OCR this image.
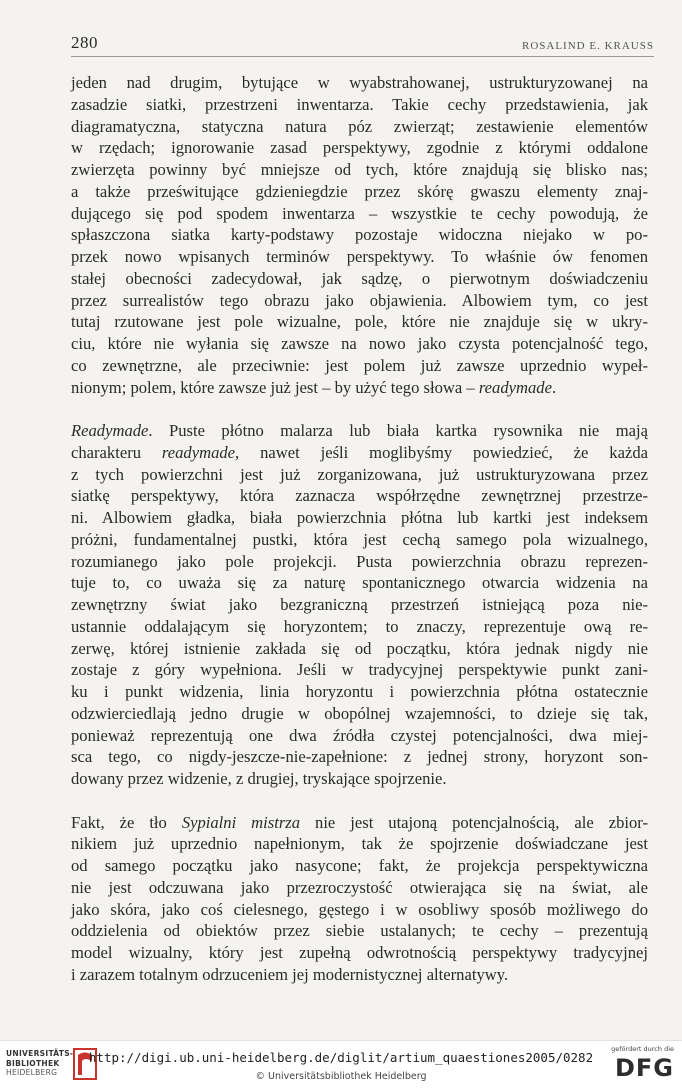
280	ROSALIND E. KRAUSS
jeden nad drugim, bytujące w wyabstrahowanej, ustrukturyzowanej na
zasadzie siatki, przestrzeni inwentarza. Takie cechy przedstawienia, jak
diagramatyczna, statyczna natura póz zwierząt; zestawienie elementów
w rzędach; ignorowanie zasad perspektywy, zgodnie z którymi oddalone
zwierzęta powinny być mniejsze od tych, które znajdują się blisko nas;
a także prześwitujące gdzieniegdzie przez skórę gwaszu elementy znaj-
dującego się pod spodem inwentarza – wszystkie te cechy powodują, że
spłaszczona siatka karty-podstawy pozostaje widoczna niejako w po-
przek nowo wpisanych terminów perspektywy. To właśnie ów fenomen
stałej obecności zadecydował, jak sądzę, o pierwotnym doświadczeniu
przez surrealistów tego obrazu jako objawienia. Albowiem tym, co jest
tutaj rzutowane jest pole wizualne, pole, które nie znajduje się w ukry-
ciu, które nie wyłania się zawsze na nowo jako czysta potencjalność tego,
co zewnętrzne, ale przeciwnie: jest polem już zawsze uprzednio wypeł-
nionym; polem, które zawsze już jest – by użyć tego słowa – readymade.
Readymade. Puste płótno malarza lub biała kartka rysownika nie mają
charakteru readymade, nawet jeśli moglibyśmy powiedzieć, że każda
z tych powierzchni jest już zorganizowana, już ustrukturyzowana przez
siatkę perspektywy, która zaznacza współrzędne zewnętrznej przestrze-
ni. Albowiem gładka, biała powierzchnia płótna lub kartki jest indeksem
próżni, fundamentalnej pustki, która jest cechą samego pola wizualnego,
rozumianego jako pole projekcji. Pusta powierzchnia obrazu reprezen-
tuje to, co uważa się za naturę spontanicznego otwarcia widzenia na
zewnętrzny świat jako bezgraniczną przestrzeń istniejącą poza nie-
ustannie oddalającym się horyzontem; to znaczy, reprezentuje ową re-
zerwę, której istnienie zakłada się od początku, która jednak nigdy nie
zostaje z góry wypełniona. Jeśli w tradycyjnej perspektywie punkt zani-
ku i punkt widzenia, linia horyzontu i powierzchnia płótna ostatecznie
odzwierciedlają jedno drugie w obopólnej wzajemności, to dzieje się tak,
ponieważ reprezentują one dwa źródła czystej potencjalności, dwa miej-
sca tego, co nigdy-jeszcze-nie-zapełnione: z jednej strony, horyzont son-
dowany przez widzenie, z drugiej, tryskające spojrzenie.
Fakt, że tło Sypialni mistrza nie jest utajoną potencjalnością, ale zbior-
nikiem już uprzednio napełnionym, tak że spojrzenie doświadczane jest
od samego początku jako nasycone; fakt, że projekcja perspektywiczna
nie jest odczuwana jako przezroczystość otwierająca się na świat, ale
jako skóra, jako coś cielesnego, gęstego i w osobliwy sposób możliwego do
oddzielenia od obiektów przez siebie ustalanych; te cechy – prezentują
model wizualny, który jest zupełną odwrotnością perspektywy tradycyjnej
i zarazem totalnym odrzuceniem jej modernistycznej alternatywy.
UNIVERSITÄTS-
BIBLIOTHEK
HEIDELBERG
http://digi.ub.uni-heidelberg.de/diglit/artium_quaestiones2005/0282
© Universitätsbibliothek Heidelberg
gefördert durch die
DFG
